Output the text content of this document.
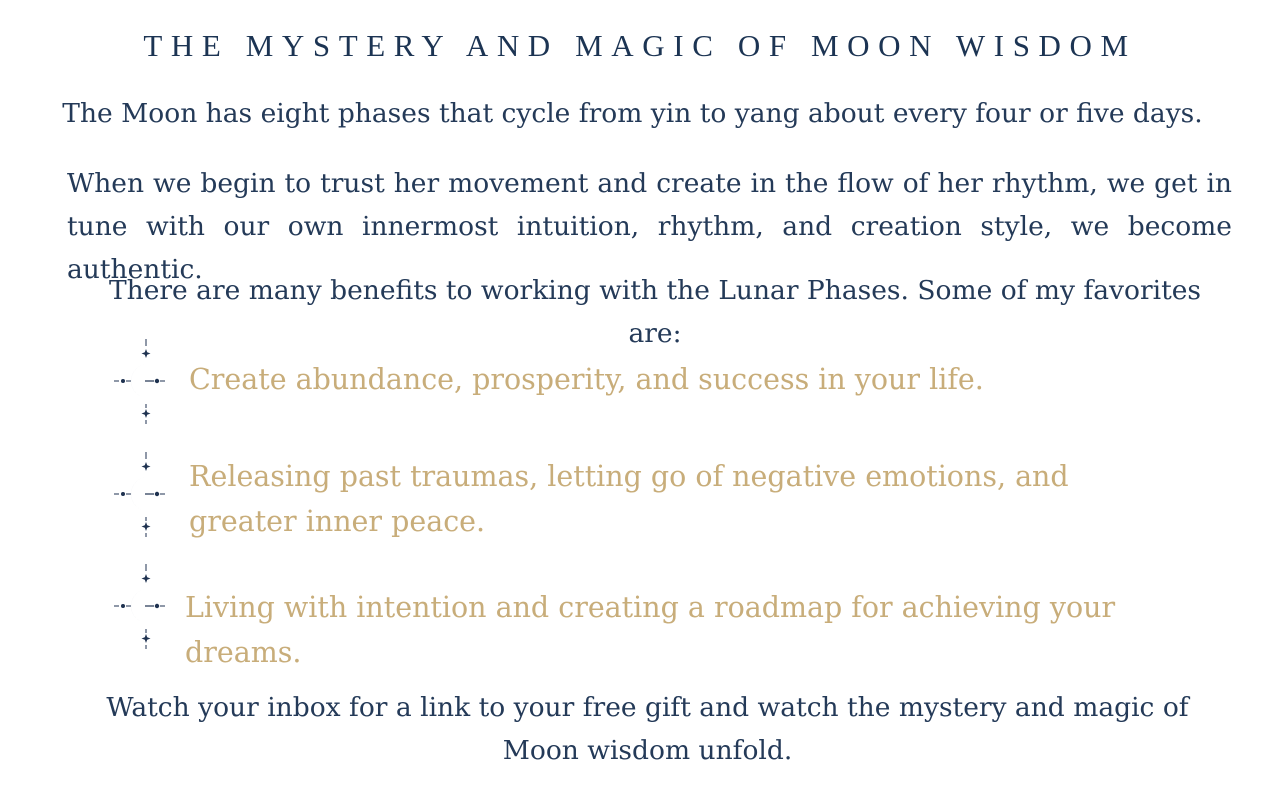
THE MYSTERY AND MAGIC OF MOON WISDOM

The Moon has eight phases that cycle from yin to yang about every four or five days.

When we begin to trust her movement and create in the flow of her rhythm, we get in tune with our own innermost intuition, rhythm, and creation style, we become authentic.

There are many benefits to working with the Lunar Phases. Some of my favorites are:

Create abundance, prosperity, and success in your life.

Releasing past traumas, letting go of negative emotions, and greater inner peace.

Living with intention and creating a roadmap for achieving your dreams.

Watch your inbox for a link to your free gift and watch the mystery and magic of Moon wisdom unfold.
